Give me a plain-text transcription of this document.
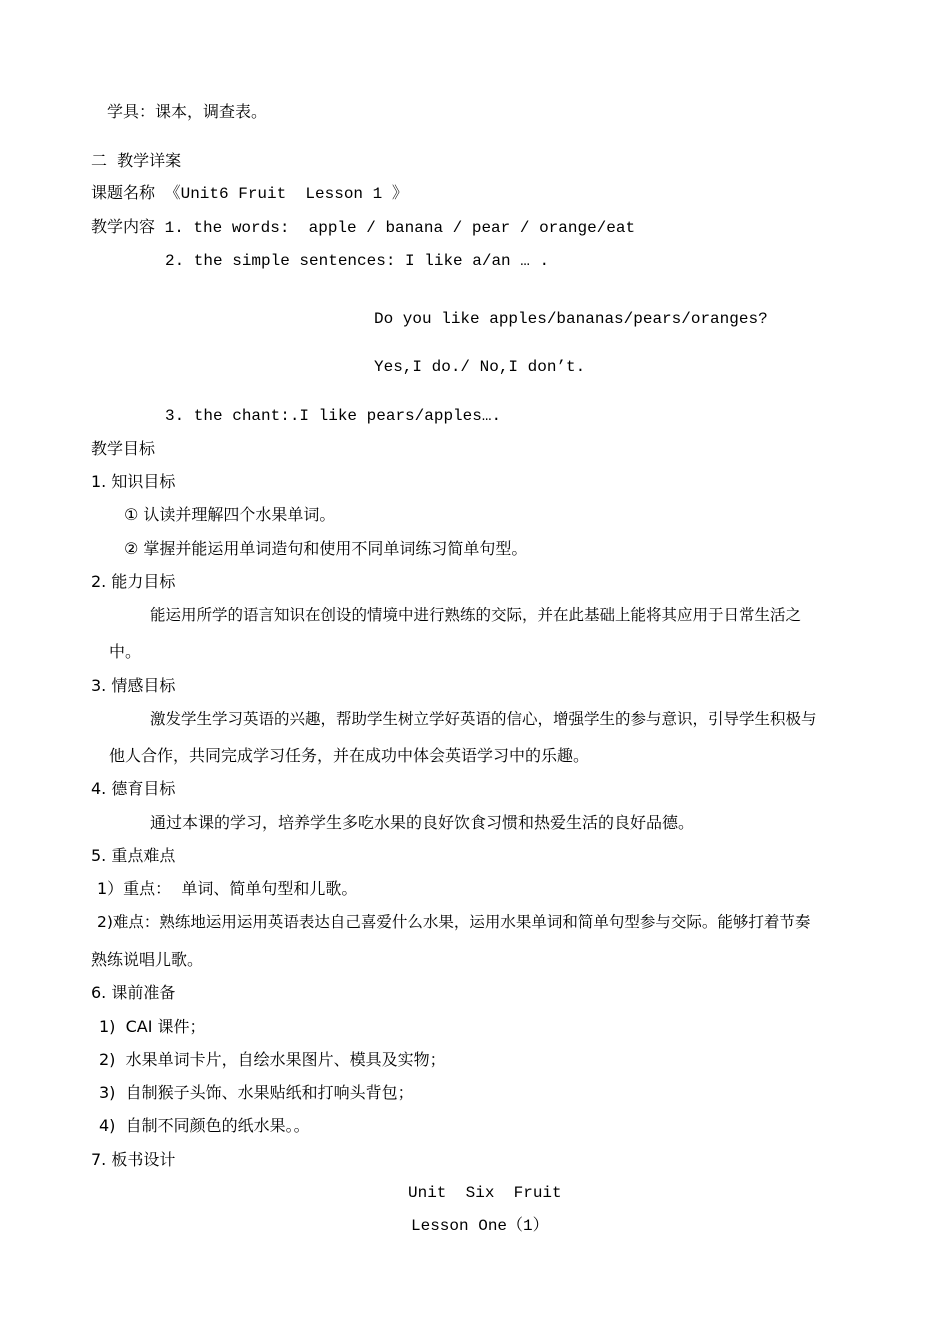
学具：课本，调查表。
二  教学详案
课题名称 《Unit6 Fruit  Lesson 1 》
教学内容 1. the words:  apple / banana / pear / orange/eat
2. the simple sentences: I like a/an … .
Do you like apples/bananas/pears/oranges?
Yes,I do./ No,I don’t.
3. the chant:.I like pears/apples….
教学目标
1. 知识目标
① 认读并理解四个水果单词。
② 掌握并能运用单词造句和使用不同单词练习简单句型。
2. 能力目标
能运用所学的语言知识在创设的情境中进行熟练的交际，并在此基础上能将其应用于日常生活之
中。
3. 情感目标
激发学生学习英语的兴趣，帮助学生树立学好英语的信心，增强学生的参与意识，引导学生积极与
他人合作，共同完成学习任务，并在成功中体会英语学习中的乐趣。
4. 德育目标
通过本课的学习，培养学生多吃水果的良好饮食习惯和热爱生活的良好品德。
5. 重点难点
1）重点：  单词、简单句型和儿歌。
2)难点：熟练地运用运用英语表达自己喜爱什么水果，运用水果单词和简单句型参与交际。能够打着节奏
熟练说唱儿歌。
6. 课前准备
1)  CAI 课件；
2)  水果单词卡片，自绘水果图片、模具及实物；
3)  自制猴子头饰、水果贴纸和打响头背包；
4)  自制不同颜色的纸水果。。
7. 板书设计
Unit  Six  Fruit
Lesson One（1）
